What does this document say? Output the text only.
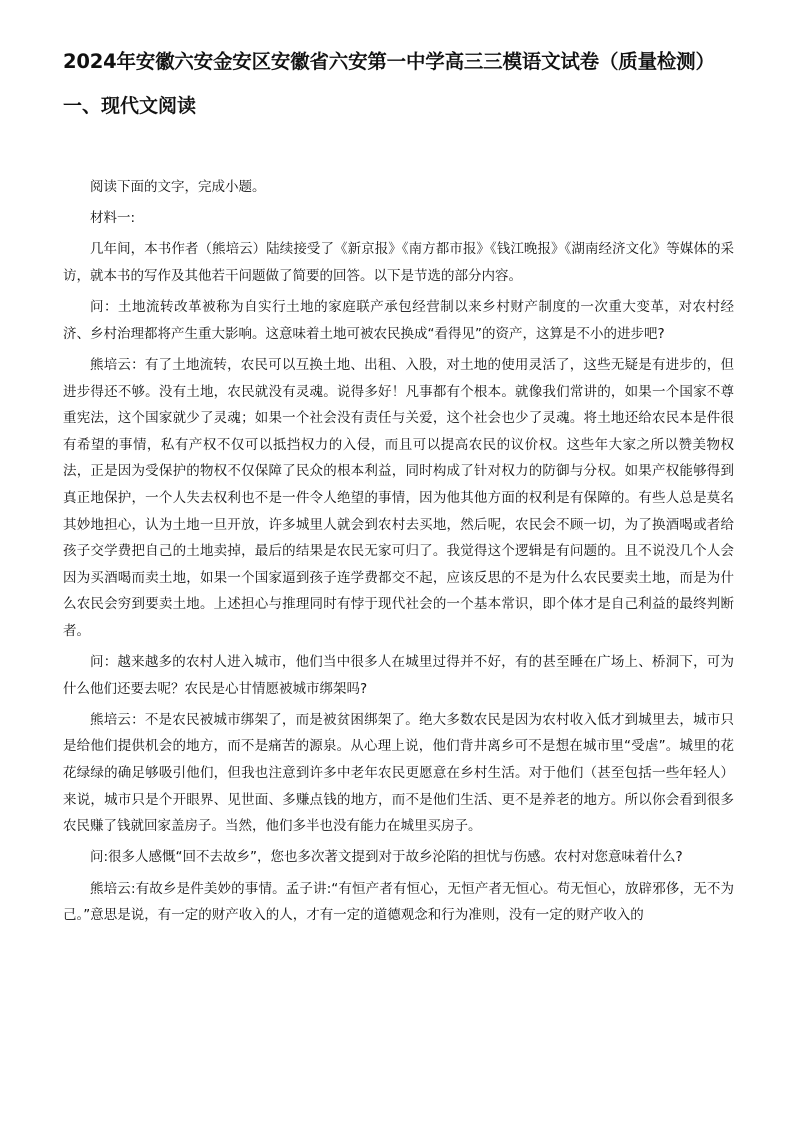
2024年安徽六安金安区安徽省六安第一中学高三三模语文试卷（质量检测）
一、现代文阅读

阅读下面的文字，完成小题。

材料一:

几年间，本书作者（熊培云）陆续接受了《新京报》《南方都市报》《钱江晚报》《湖南经济文化》等媒体的采访，就本书的写作及其他若干问题做了简要的回答。以下是节选的部分内容。

问：土地流转改革被称为自实行土地的家庭联产承包经营制以来乡村财产制度的一次重大变革，对农村经济、乡村治理都将产生重大影响。这意味着土地可被农民换成“看得见”的资产，这算是不小的进步吧?

熊培云：有了土地流转，农民可以互换土地、出租、入股，对土地的使用灵活了，这些无疑是有进步的，但进步得还不够。没有土地，农民就没有灵魂。说得多好！凡事都有个根本。就像我们常讲的，如果一个国家不尊重宪法，这个国家就少了灵魂；如果一个社会没有责任与关爱，这个社会也少了灵魂。将土地还给农民本是件很有希望的事情，私有产权不仅可以抵挡权力的入侵，而且可以提高农民的议价权。这些年大家之所以赞美物权法，正是因为受保护的物权不仅保障了民众的根本利益，同时构成了针对权力的防御与分权。如果产权能够得到真正地保护，一个人失去权利也不是一件令人绝望的事情，因为他其他方面的权利是有保障的。有些人总是莫名其妙地担心，认为土地一旦开放，许多城里人就会到农村去买地，然后呢，农民会不顾一切，为了换酒喝或者给孩子交学费把自己的土地卖掉，最后的结果是农民无家可归了。我觉得这个逻辑是有问题的。且不说没几个人会因为买酒喝而卖土地，如果一个国家逼到孩子连学费都交不起，应该反思的不是为什么农民要卖土地，而是为什么农民会穷到要卖土地。上述担心与推理同时有悖于现代社会的一个基本常识，即个体才是自己利益的最终判断者。

问：越来越多的农村人进入城市，他们当中很多人在城里过得并不好，有的甚至睡在广场上、桥洞下，可为什么他们还要去呢？农民是心甘情愿被城市绑架吗?

熊培云：不是农民被城市绑架了，而是被贫困绑架了。绝大多数农民是因为农村收入低才到城里去，城市只是给他们提供机会的地方，而不是痛苦的源泉。从心理上说，他们背井离乡可不是想在城市里“受虐”。城里的花花绿绿的确足够吸引他们，但我也注意到许多中老年农民更愿意在乡村生活。对于他们（甚至包括一些年轻人）来说，城市只是个开眼界、见世面、多赚点钱的地方，而不是他们生活、更不是养老的地方。所以你会看到很多农民赚了钱就回家盖房子。当然，他们多半也没有能力在城里买房子。

问:很多人感慨“回不去故乡”，您也多次著文提到对于故乡沦陷的担忧与伤感。农村对您意味着什么?

熊培云:有故乡是件美妙的事情。孟子讲:“有恒产者有恒心，无恒产者无恒心。苟无恒心，放辟邪侈，无不为己。”意思是说，有一定的财产收入的人，才有一定的道德观念和行为准则，没有一定的财产收入的
